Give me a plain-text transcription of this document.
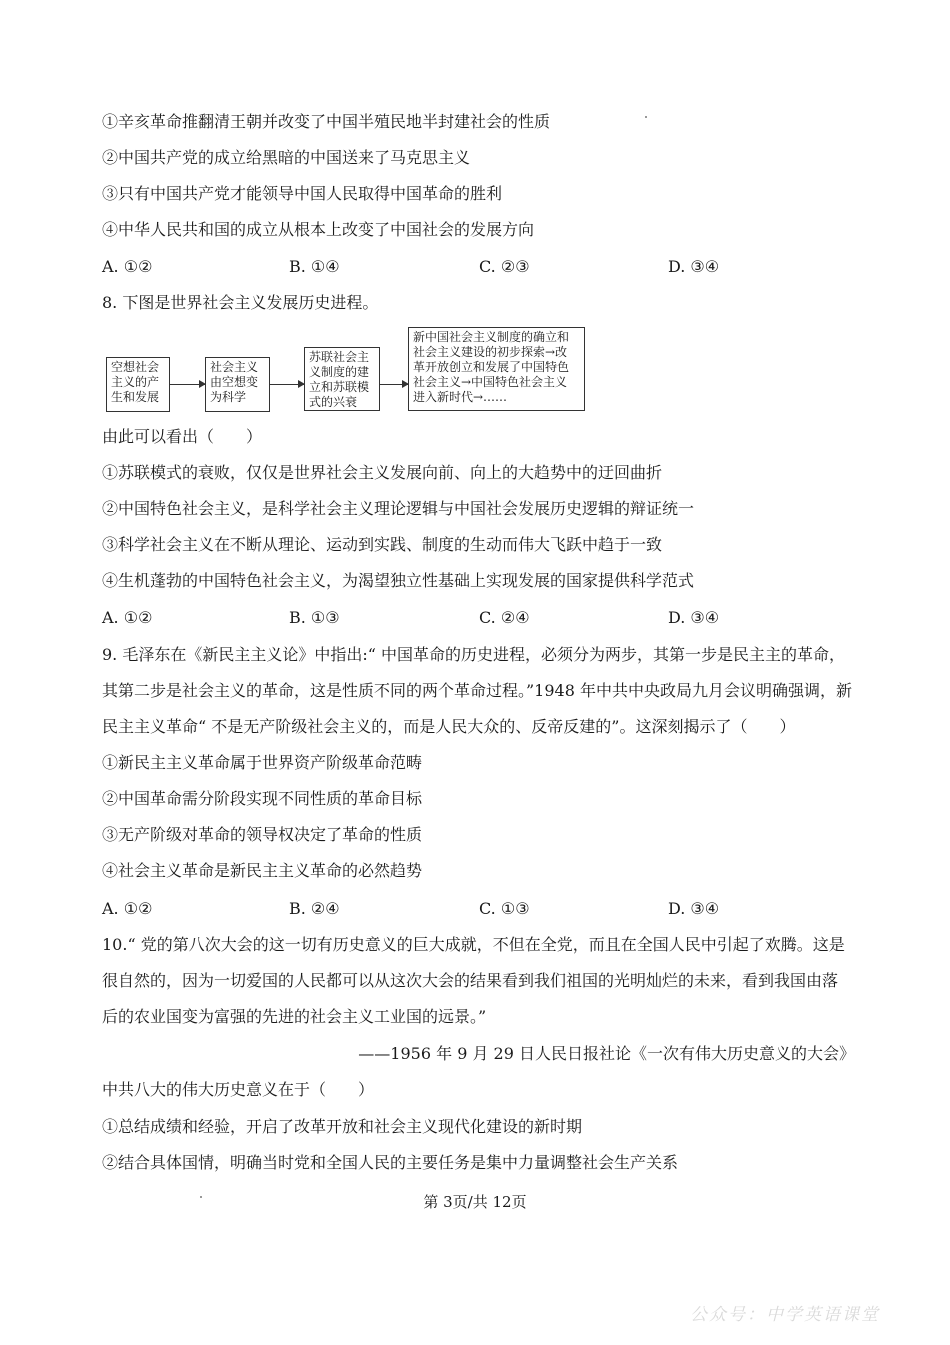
①辛亥革命推翻清王朝并改变了中国半殖民地半封建社会的性质
②中国共产党的成立给黑暗的中国送来了马克思主义
③只有中国共产党才能领导中国人民取得中国革命的胜利
④中华人民共和国的成立从根本上改变了中国社会的发展方向
A. ①②	B. ①④	C. ②③	D. ③④
8. 下图是世界社会主义发展历史进程。
空想社会
主义的产
生和发展
社会主义
由空想变
为科学
苏联社会主
义制度的建
立和苏联模
式的兴衰
新中国社会主义制度的确立和
社会主义建设的初步探索→改
革开放创立和发展了中国特色
社会主义→中国特色社会主义
进入新时代→……
由此可以看出（　　）
①苏联模式的衰败，仅仅是世界社会主义发展向前、向上的大趋势中的迂回曲折
②中国特色社会主义，是科学社会主义理论逻辑与中国社会发展历史逻辑的辩证统一
③科学社会主义在不断从理论、运动到实践、制度的生动而伟大飞跃中趋于一致
④生机蓬勃的中国特色社会主义，为渴望独立性基础上实现发展的国家提供科学范式
A. ①②	B. ①③	C. ②④	D. ③④
9. 毛泽东在《新民主主义论》中指出:“ 中国革命的历史进程，必须分为两步，其第一步是民主主的革命，
其第二步是社会主义的革命，这是性质不同的两个革命过程。”1948 年中共中央政局九月会议明确强调，新
民主主义革命“ 不是无产阶级社会主义的，而是人民大众的、反帝反建的”。这深刻揭示了（　　）
①新民主主义革命属于世界资产阶级革命范畴
②中国革命需分阶段实现不同性质的革命目标
③无产阶级对革命的领导权决定了革命的性质
④社会主义革命是新民主主义革命的必然趋势
A. ①②	B. ②④	C. ①③	D. ③④
10.“ 党的第八次大会的这一切有历史意义的巨大成就，不但在全党，而且在全国人民中引起了欢腾。这是
很自然的，因为一切爱国的人民都可以从这次大会的结果看到我们祖国的光明灿烂的未来，看到我国由落
后的农业国变为富强的先进的社会主义工业国的远景。”
——1956 年 9 月 29 日人民日报社论《一次有伟大历史意义的大会》
中共八大的伟大历史意义在于（　　）
①总结成绩和经验，开启了改革开放和社会主义现代化建设的新时期
②结合具体国情，明确当时党和全国人民的主要任务是集中力量调整社会生产关系
第 3页/共 12页
公众号：中学英语课堂
